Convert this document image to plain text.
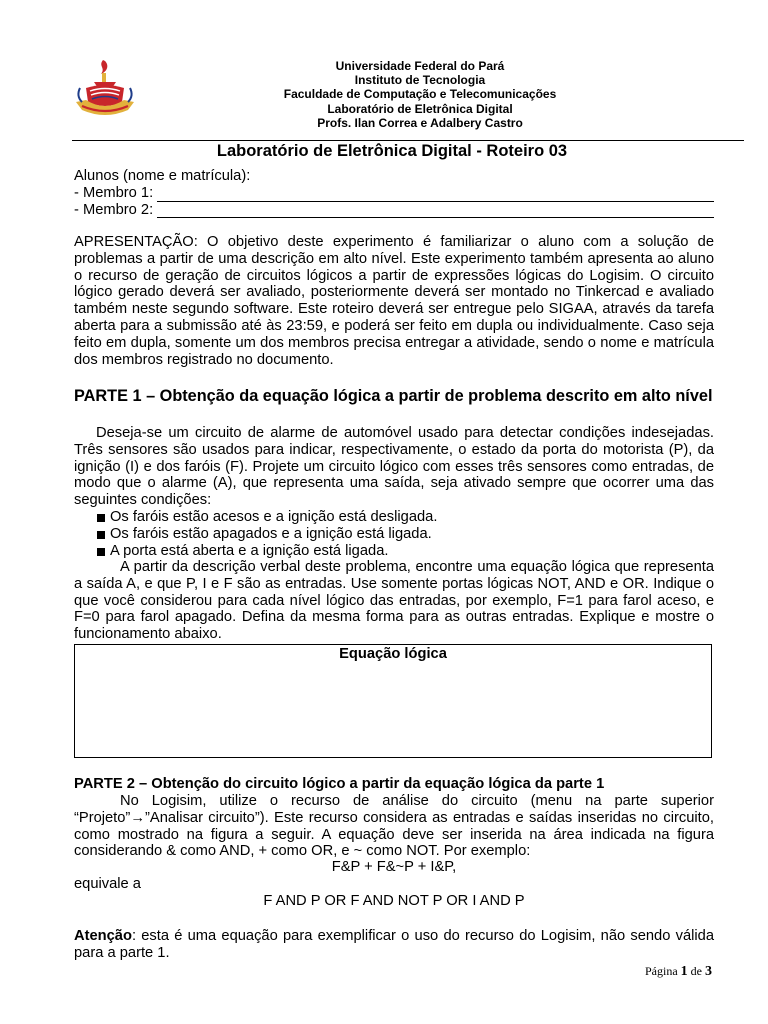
Universidade Federal do Pará
Instituto de Tecnologia
Faculdade de Computação e Telecomunicações
Laboratório de Eletrônica Digital
Profs. Ilan Correa e Adalbery Castro
Laboratório de Eletrônica Digital - Roteiro 03
Alunos (nome e matrícula):
- Membro 1:
- Membro 2:
APRESENTAÇÃO: O objetivo deste experimento é familiarizar o aluno com a solução de problemas a partir de uma descrição em alto nível. Este experimento também apresenta ao aluno o recurso de geração de circuitos lógicos a partir de expressões lógicas do Logisim. O circuito lógico gerado deverá ser avaliado, posteriormente deverá ser montado no Tinkercad e avaliado também neste segundo software. Este roteiro deverá ser entregue pelo SIGAA, através da tarefa aberta para a submissão até às 23:59, e poderá ser feito em dupla ou individualmente. Caso seja feito em dupla, somente um dos membros precisa entregar a atividade, sendo o nome e matrícula dos membros registrado no documento.
PARTE 1 – Obtenção da equação lógica a partir de problema descrito em alto nível
Deseja-se um circuito de alarme de automóvel usado para detectar condições indesejadas. Três sensores são usados para indicar, respectivamente, o estado da porta do motorista (P), da ignição (I) e dos faróis (F). Projete um circuito lógico com esses três sensores como entradas, de modo que o alarme (A), que representa uma saída, seja ativado sempre que ocorrer uma das seguintes condições:
Os faróis estão acesos e a ignição está desligada.
Os faróis estão apagados e a ignição está ligada.
A porta está aberta e a ignição está ligada.
A partir da descrição verbal deste problema, encontre uma equação lógica que representa a saída A, e que P, I e F são as entradas. Use somente portas lógicas NOT, AND e OR. Indique o que você considerou para cada nível lógico das entradas, por exemplo, F=1 para farol aceso, e F=0 para farol apagado. Defina da mesma forma para as outras entradas. Explique e mostre o funcionamento abaixo.
Equação lógica
PARTE 2 – Obtenção do circuito lógico a partir da equação lógica da parte 1
No Logisim, utilize o recurso de análise do circuito (menu na parte superior “Projeto”→”Analisar circuito”). Este recurso considera as entradas e saídas inseridas no circuito, como mostrado na figura a seguir. A equação deve ser inserida na área indicada na figura considerando & como AND, + como OR, e ~ como NOT. Por exemplo:
F&P + F&~P + I&P,
equivale a
F AND P OR F AND NOT P OR I AND P
Atenção: esta é uma equação para exemplificar o uso do recurso do Logisim, não sendo válida para a parte 1.
Página 1 de 3
